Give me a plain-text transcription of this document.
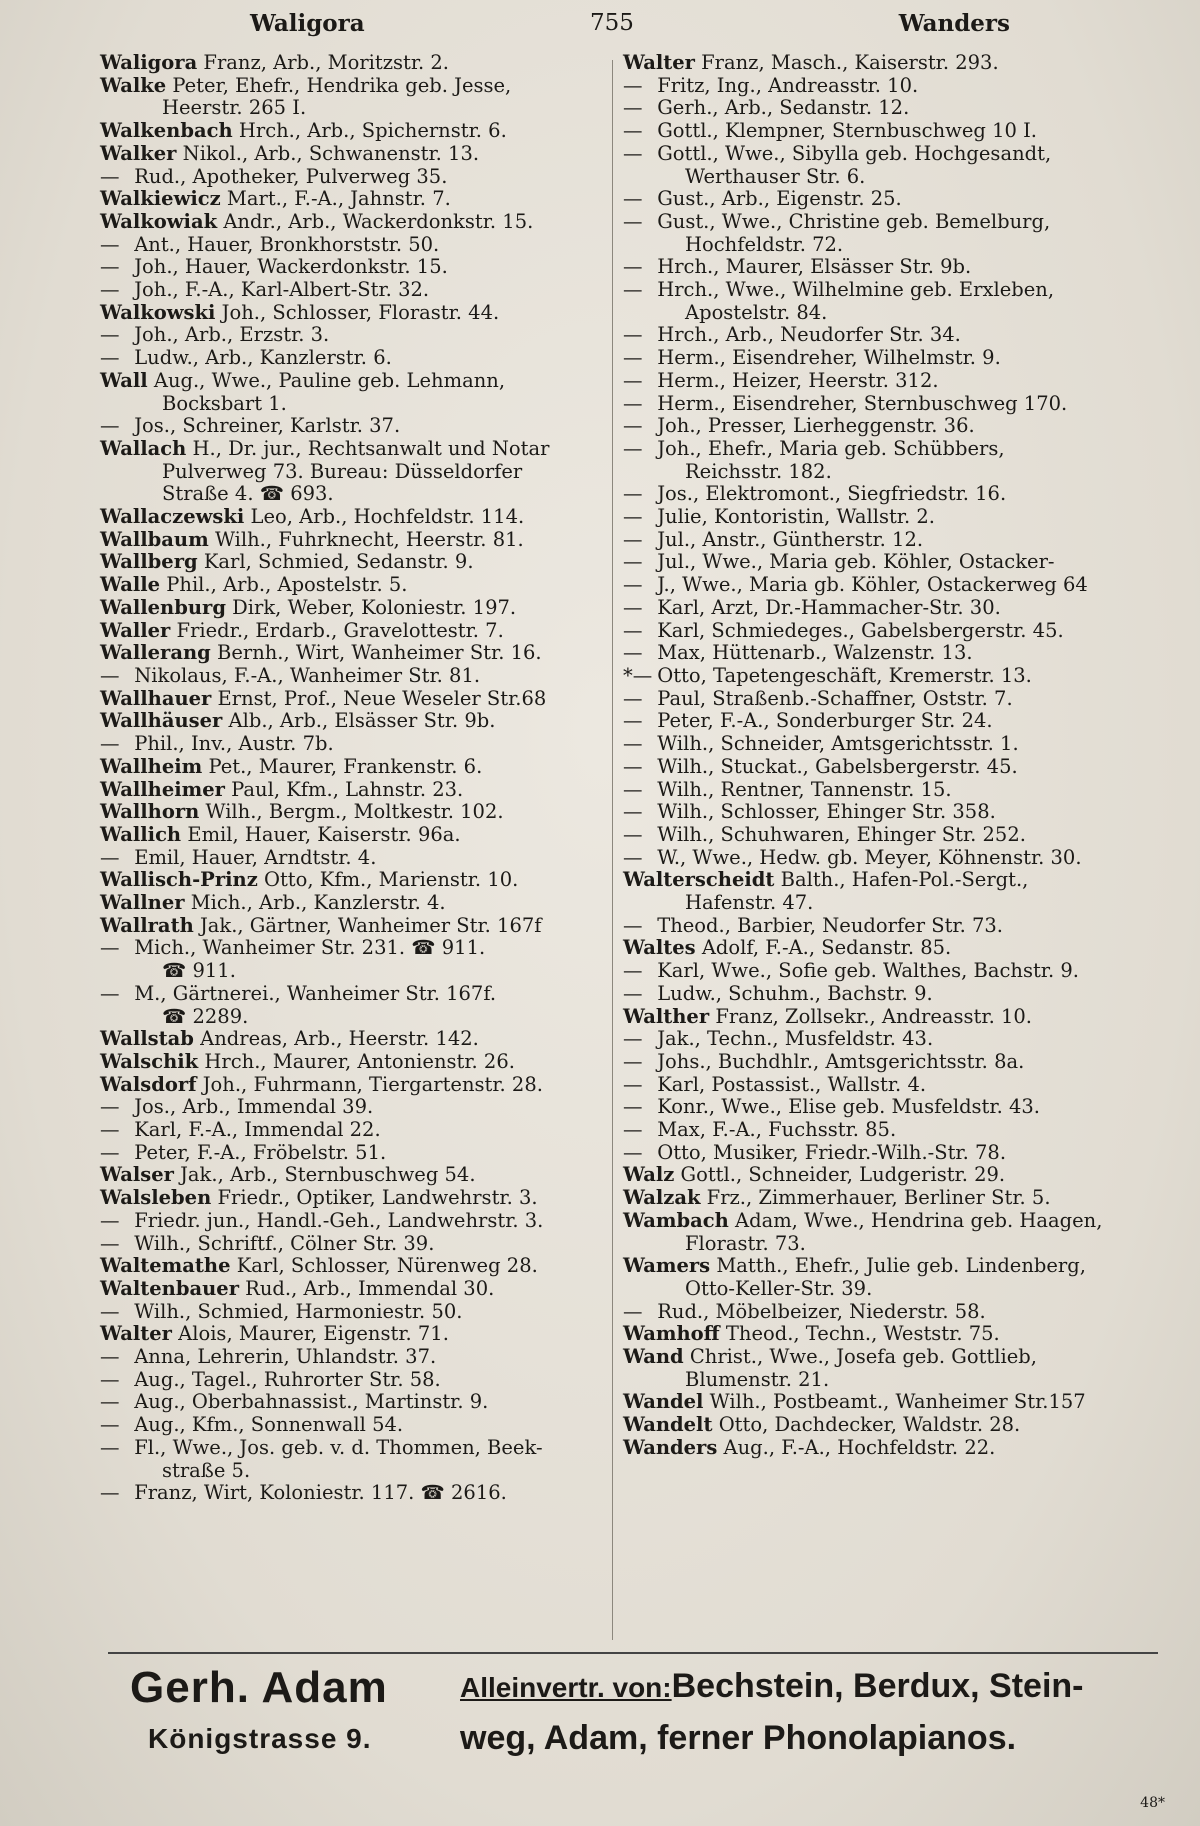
Waligora	755	Wanders
Waligora Franz, Arb., Moritzstr. 2.
Walke Peter, Ehefr., Hendrika geb. Jesse,
Heerstr. 265 I.
Walkenbach Hrch., Arb., Spichernstr. 6.
Walker Nikol., Arb., Schwanenstr. 13.
— Rud., Apotheker, Pulverweg 35.
Walkiewicz Mart., F.-A., Jahnstr. 7.
Walkowiak Andr., Arb., Wackerdonkstr. 15.
— Ant., Hauer, Bronkhorststr. 50.
— Joh., Hauer, Wackerdonkstr. 15.
— Joh., F.-A., Karl-Albert-Str. 32.
Walkowski Joh., Schlosser, Florastr. 44.
— Joh., Arb., Erzstr. 3.
— Ludw., Arb., Kanzlerstr. 6.
Wall Aug., Wwe., Pauline geb. Lehmann,
Bocksbart 1.
— Jos., Schreiner, Karlstr. 37.
Wallach H., Dr. jur., Rechtsanwalt und Notar
Pulverweg 73. Bureau: Düsseldorfer
Straße 4. ☎ 693.
Wallaczewski Leo, Arb., Hochfeldstr. 114.
Wallbaum Wilh., Fuhrknecht, Heerstr. 81.
Wallberg Karl, Schmied, Sedanstr. 9.
Walle Phil., Arb., Apostelstr. 5.
Wallenburg Dirk, Weber, Koloniestr. 197.
Waller Friedr., Erdarb., Gravelottestr. 7.
Wallerang Bernh., Wirt, Wanheimer Str. 16.
— Nikolaus, F.-A., Wanheimer Str. 81.
Wallhauer Ernst, Prof., Neue Weseler Str.68
Wallhäuser Alb., Arb., Elsässer Str. 9b.
— Phil., Inv., Austr. 7b.
Wallheim Pet., Maurer, Frankenstr. 6.
Wallheimer Paul, Kfm., Lahnstr. 23.
Wallhorn Wilh., Bergm., Moltkestr. 102.
Wallich Emil, Hauer, Kaiserstr. 96a.
— Emil, Hauer, Arndtstr. 4.
Wallisch-Prinz Otto, Kfm., Marienstr. 10.
Wallner Mich., Arb., Kanzlerstr. 4.
Wallrath Jak., Gärtner, Wanheimer Str. 167f
— Mich., Wanheimer Str. 231. ☎ 911.
☎ 911.
— M., Gärtnerei., Wanheimer Str. 167f.
☎ 2289.
Wallstab Andreas, Arb., Heerstr. 142.
Walschik Hrch., Maurer, Antonienstr. 26.
Walsdorf Joh., Fuhrmann, Tiergartenstr. 28.
— Jos., Arb., Immendal 39.
— Karl, F.-A., Immendal 22.
— Peter, F.-A., Fröbelstr. 51.
Walser Jak., Arb., Sternbuschweg 54.
Walsleben Friedr., Optiker, Landwehrstr. 3.
— Friedr. jun., Handl.-Geh., Landwehrstr. 3.
— Wilh., Schriftf., Cölner Str. 39.
Waltemathe Karl, Schlosser, Nürenweg 28.
Waltenbauer Rud., Arb., Immendal 30.
— Wilh., Schmied, Harmoniestr. 50.
Walter Alois, Maurer, Eigenstr. 71.
— Anna, Lehrerin, Uhlandstr. 37.
— Aug., Tagel., Ruhrorter Str. 58.
— Aug., Oberbahnassist., Martinstr. 9.
— Aug., Kfm., Sonnenwall 54.
— Fl., Wwe., Jos. geb. v. d. Thommen, Beek-
straße 5.
— Franz, Wirt, Koloniestr. 117. ☎ 2616.
Walter Franz, Masch., Kaiserstr. 293.
— Fritz, Ing., Andreasstr. 10.
— Gerh., Arb., Sedanstr. 12.
— Gottl., Klempner, Sternbuschweg 10 I.
— Gottl., Wwe., Sibylla geb. Hochgesandt,
Werthauser Str. 6.
— Gust., Arb., Eigenstr. 25.
— Gust., Wwe., Christine geb. Bemelburg,
Hochfeldstr. 72.
— Hrch., Maurer, Elsässer Str. 9b.
— Hrch., Wwe., Wilhelmine geb. Erxleben,
Apostelstr. 84.
— Hrch., Arb., Neudorfer Str. 34.
— Herm., Eisendreher, Wilhelmstr. 9.
— Herm., Heizer, Heerstr. 312.
— Herm., Eisendreher, Sternbuschweg 170.
— Joh., Presser, Lierheggenstr. 36.
— Joh., Ehefr., Maria geb. Schübbers,
Reichsstr. 182.
— Jos., Elektromont., Siegfriedstr. 16.
— Julie, Kontoristin, Wallstr. 2.
— Jul., Anstr., Güntherstr. 12.
— Jul., Wwe., Maria geb. Köhler, Ostacker-
— J., Wwe., Maria gb. Köhler, Ostackerweg 64
— Karl, Arzt, Dr.-Hammacher-Str. 30.
— Karl, Schmiedeges., Gabelsbergerstr. 45.
— Max, Hüttenarb., Walzenstr. 13.
*— Otto, Tapetengeschäft, Kremerstr. 13.
— Paul, Straßenb.-Schaffner, Oststr. 7.
— Peter, F.-A., Sonderburger Str. 24.
— Wilh., Schneider, Amtsgerichtsstr. 1.
— Wilh., Stuckat., Gabelsbergerstr. 45.
— Wilh., Rentner, Tannenstr. 15.
— Wilh., Schlosser, Ehinger Str. 358.
— Wilh., Schuhwaren, Ehinger Str. 252.
— W., Wwe., Hedw. gb. Meyer, Köhnenstr. 30.
Walterscheidt Balth., Hafen-Pol.-Sergt.,
Hafenstr. 47.
— Theod., Barbier, Neudorfer Str. 73.
Waltes Adolf, F.-A., Sedanstr. 85.
— Karl, Wwe., Sofie geb. Walthes, Bachstr. 9.
— Ludw., Schuhm., Bachstr. 9.
Walther Franz, Zollsekr., Andreasstr. 10.
— Jak., Techn., Musfeldstr. 43.
— Johs., Buchdhlr., Amtsgerichtsstr. 8a.
— Karl, Postassist., Wallstr. 4.
— Konr., Wwe., Elise geb. Musfeldstr. 43.
— Max, F.-A., Fuchsstr. 85.
— Otto, Musiker, Friedr.-Wilh.-Str. 78.
Walz Gottl., Schneider, Ludgeristr. 29.
Walzak Frz., Zimmerhauer, Berliner Str. 5.
Wambach Adam, Wwe., Hendrina geb. Haagen,
Florastr. 73.
Wamers Matth., Ehefr., Julie geb. Lindenberg,
Otto-Keller-Str. 39.
— Rud., Möbelbeizer, Niederstr. 58.
Wamhoff Theod., Techn., Weststr. 75.
Wand Christ., Wwe., Josefa geb. Gottlieb,
Blumenstr. 21.
Wandel Wilh., Postbeamt., Wanheimer Str.157
Wandelt Otto, Dachdecker, Waldstr. 28.
Wanders Aug., F.-A., Hochfeldstr. 22.
Gerh. Adam
Königstrasse 9.
Alleinvertr. von:Bechstein, Berdux, Stein-
weg, Adam, ferner Phonolapianos.
48*
